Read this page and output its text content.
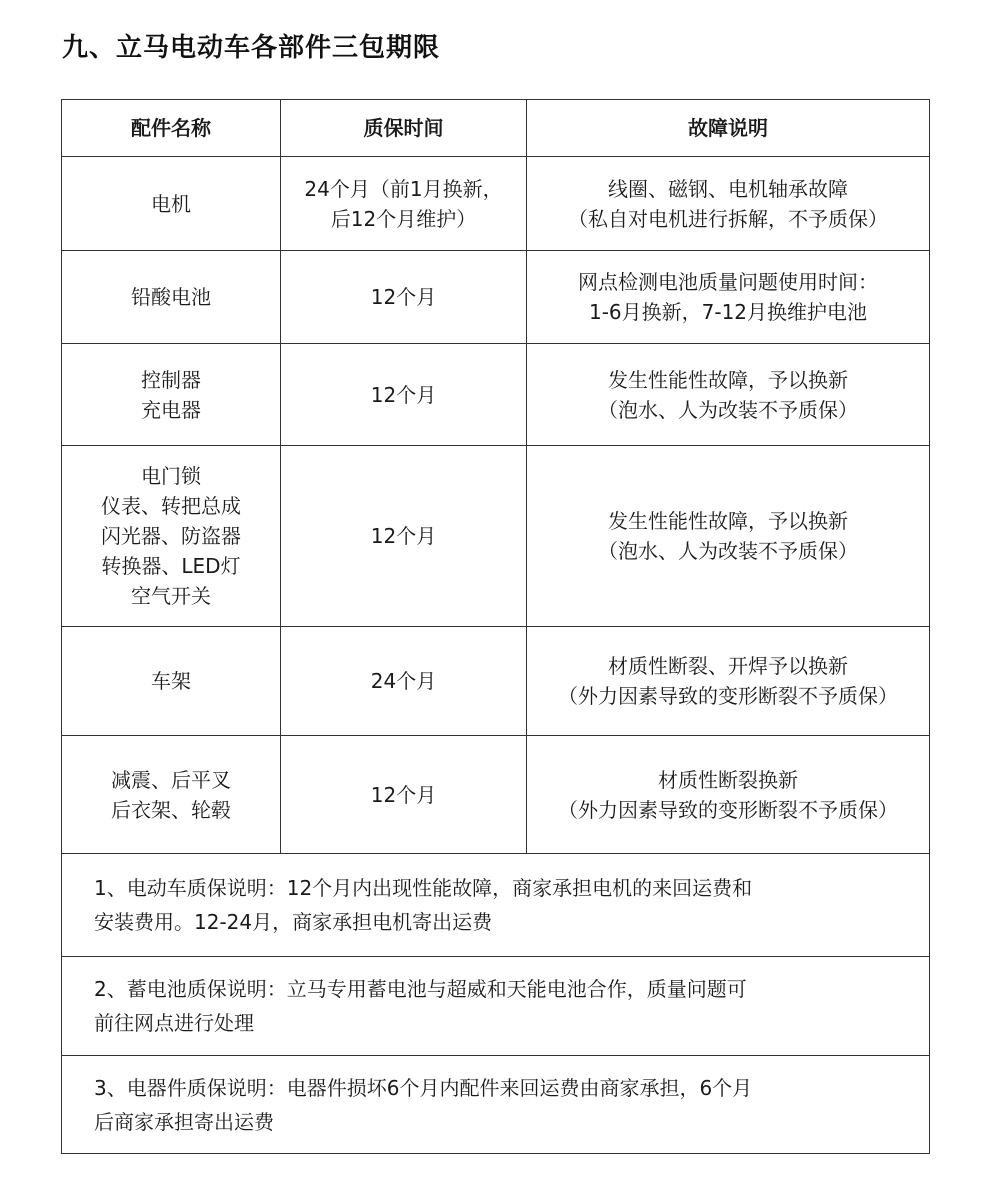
九、立马电动车各部件三包期限
配件名称	质保时间	故障说明

电机	24个月（前1月换新，
后12个月维护）	线圈、磁钢、电机轴承故障
（私自对电机进行拆解，不予质保）

铅酸电池	12个月	网点检测电池质量问题使用时间：
1-6月换新，7-12月换维护电池

控制器
充电器	12个月	发生性能性故障，予以换新
（泡水、人为改装不予质保）

电门锁
仪表、转把总成
闪光器、防盗器
转换器、LED灯
空气开关	12个月	发生性能性故障，予以换新
（泡水、人为改装不予质保）

车架	24个月	材质性断裂、开焊予以换新
（外力因素导致的变形断裂不予质保）

减震、后平叉
后衣架、轮毂	12个月	材质性断裂换新
（外力因素导致的变形断裂不予质保）

1、电动车质保说明：12个月内出现性能故障，商家承担电机的来回运费和
安装费用。12-24月，商家承担电机寄出运费		

2、蓄电池质保说明：立马专用蓄电池与超威和天能电池合作，质量问题可
前往网点进行处理		

3、电器件质保说明：电器件损坏6个月内配件来回运费由商家承担，6个月
后商家承担寄出运费		
